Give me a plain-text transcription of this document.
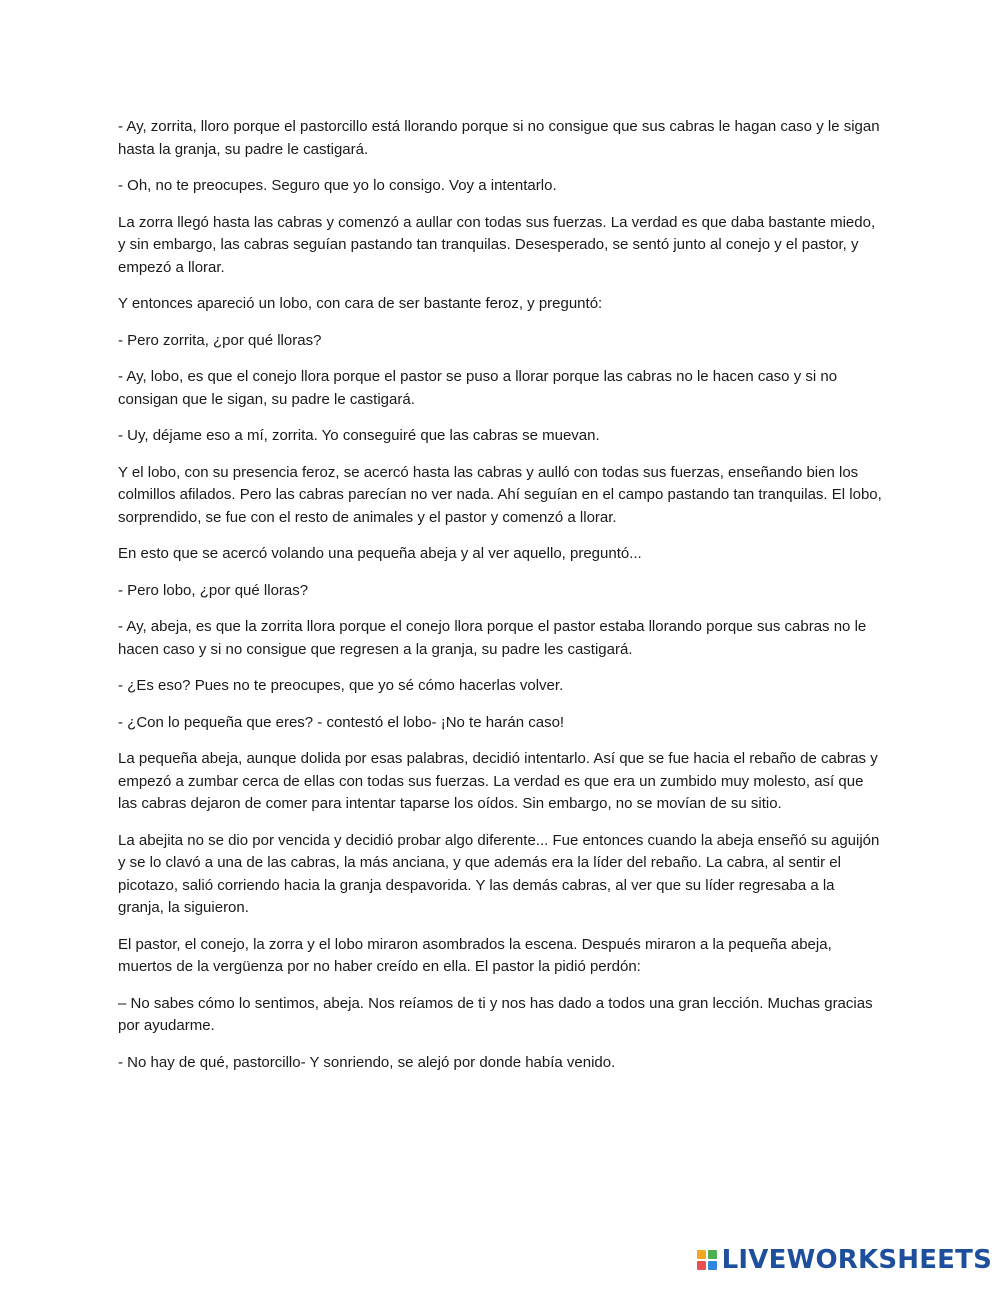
- Ay, zorrita, lloro porque el pastorcillo está llorando porque si no consigue que sus cabras le hagan caso y le sigan hasta la granja, su padre le castigará.

- Oh, no te preocupes. Seguro que yo lo consigo. Voy a intentarlo.

La zorra llegó hasta las cabras y comenzó a aullar con todas sus fuerzas. La verdad es que daba bastante miedo, y sin embargo, las cabras seguían pastando tan tranquilas. Desesperado, se sentó junto al conejo y el pastor, y empezó a llorar.

Y entonces apareció un lobo, con cara de ser bastante feroz, y preguntó:

- Pero zorrita, ¿por qué lloras?

- Ay, lobo, es que el conejo llora porque el pastor se puso a llorar porque las cabras no le hacen caso y si no consigan que le sigan, su padre le castigará.

- Uy, déjame eso a mí, zorrita. Yo conseguiré que las cabras se muevan.

Y el lobo, con su presencia feroz, se acercó hasta las cabras y aulló con todas sus fuerzas, enseñando bien los colmillos afilados. Pero las cabras parecían no ver nada. Ahí seguían en el campo pastando tan tranquilas. El lobo, sorprendido, se fue con el resto de animales y el pastor y comenzó a llorar.

En esto que se acercó volando una pequeña abeja y al ver aquello, preguntó...

- Pero lobo, ¿por qué lloras?

- Ay, abeja, es que la zorrita llora porque el conejo llora porque el pastor estaba llorando porque sus cabras no le hacen caso y si no consigue que regresen a la granja, su padre les castigará.

- ¿Es eso? Pues no te preocupes, que yo sé cómo hacerlas volver.

- ¿Con lo pequeña que eres? - contestó el lobo- ¡No te harán caso!

La pequeña abeja, aunque dolida por esas palabras, decidió intentarlo. Así que se fue hacia el rebaño de cabras y empezó a zumbar cerca de ellas con todas sus fuerzas. La verdad es que era un zumbido muy molesto, así que las cabras dejaron de comer para intentar taparse los oídos. Sin embargo, no se movían de su sitio.

La abejita no se dio por vencida y decidió probar algo diferente... Fue entonces cuando la abeja enseñó su aguijón y se lo clavó a una de las cabras, la más anciana, y que además era la líder del rebaño. La cabra, al sentir el picotazo, salió corriendo hacia la granja despavorida. Y las demás cabras, al ver que su líder regresaba a la granja, la siguieron.

El pastor, el conejo, la zorra y el lobo miraron asombrados la escena. Después miraron a la pequeña abeja, muertos de la vergüenza por no haber creído en ella. El pastor la pidió perdón:

– No sabes cómo lo sentimos, abeja. Nos reíamos de ti y nos has dado a todos una gran lección. Muchas gracias por ayudarme.

- No hay de qué, pastorcillo- Y sonriendo, se alejó por donde había venido.

LIVEWORKSHEETS
